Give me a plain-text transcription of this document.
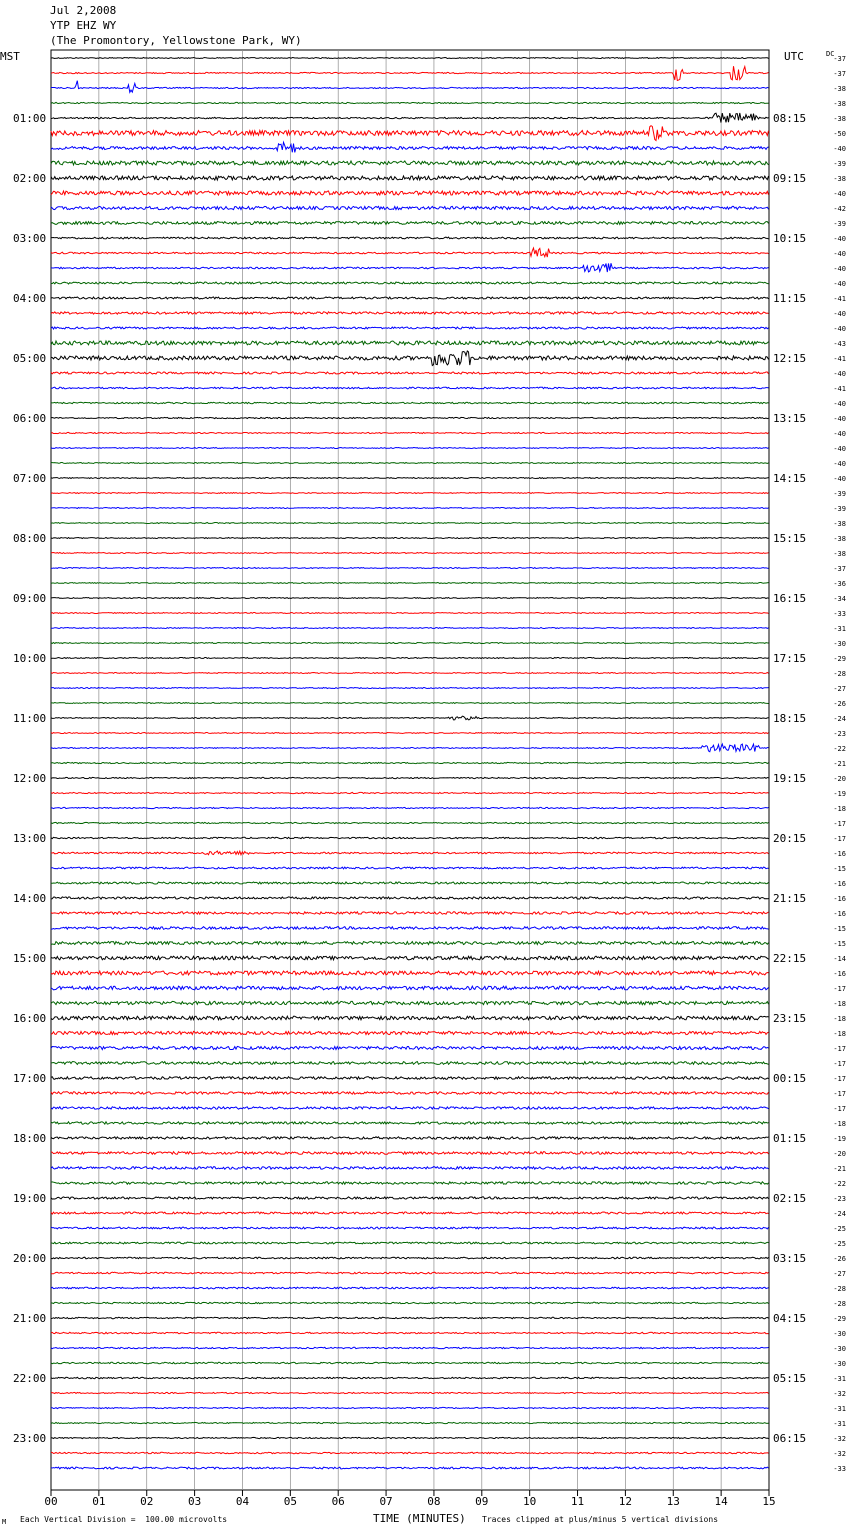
Jul 2,2008
YTP EHZ WY
(The Promontory, Yellowstone Park, WY)
00	01	02	03	04	05	06	07	08	09	10	11	12	13	14	15
-37
-37
-38
-38
-38
-50
-40
-39
-38
-40
-42
-39
-40
-40
-40
-40
-41
-40
-40
-43
-41
-40
-41
-40
-40
-40
-40
-40
-40
-39
-39
-38
-38
-38
-37
-36
-34
-33
-31
-30
-29
-28
-27
-26
-24
-23
-22
-21
-20
-19
-18
-17
-17
-16
-15
-16
-16
-16
-15
-15
-14
-16
-17
-18
-18
-18
-17
-17
-17
-17
-17
-18
-19
-20
-21
-22
-23
-24
-25
-25
-26
-27
-28
-28
-29
-30
-30
-30
-31
-32
-31
-31
-32
-32
-33
MST	UTC	DC
01:00
02:00
03:00
04:00
05:00
06:00
07:00
08:00
09:00
10:00
11:00
12:00
13:00
14:00
15:00
16:00
17:00
18:00
19:00
20:00
21:00
22:00
23:00
08:15
09:15
10:15
11:15
12:15
13:15
14:15
15:15
16:15
17:15
18:15
19:15
20:15
21:15
22:15
23:15
00:15
01:15
02:15
03:15
04:15
05:15
06:15
M Each Vertical Division =  100.00 microvolts	TIME (MINUTES) Traces clipped at plus/minus 5 vertical divisions
